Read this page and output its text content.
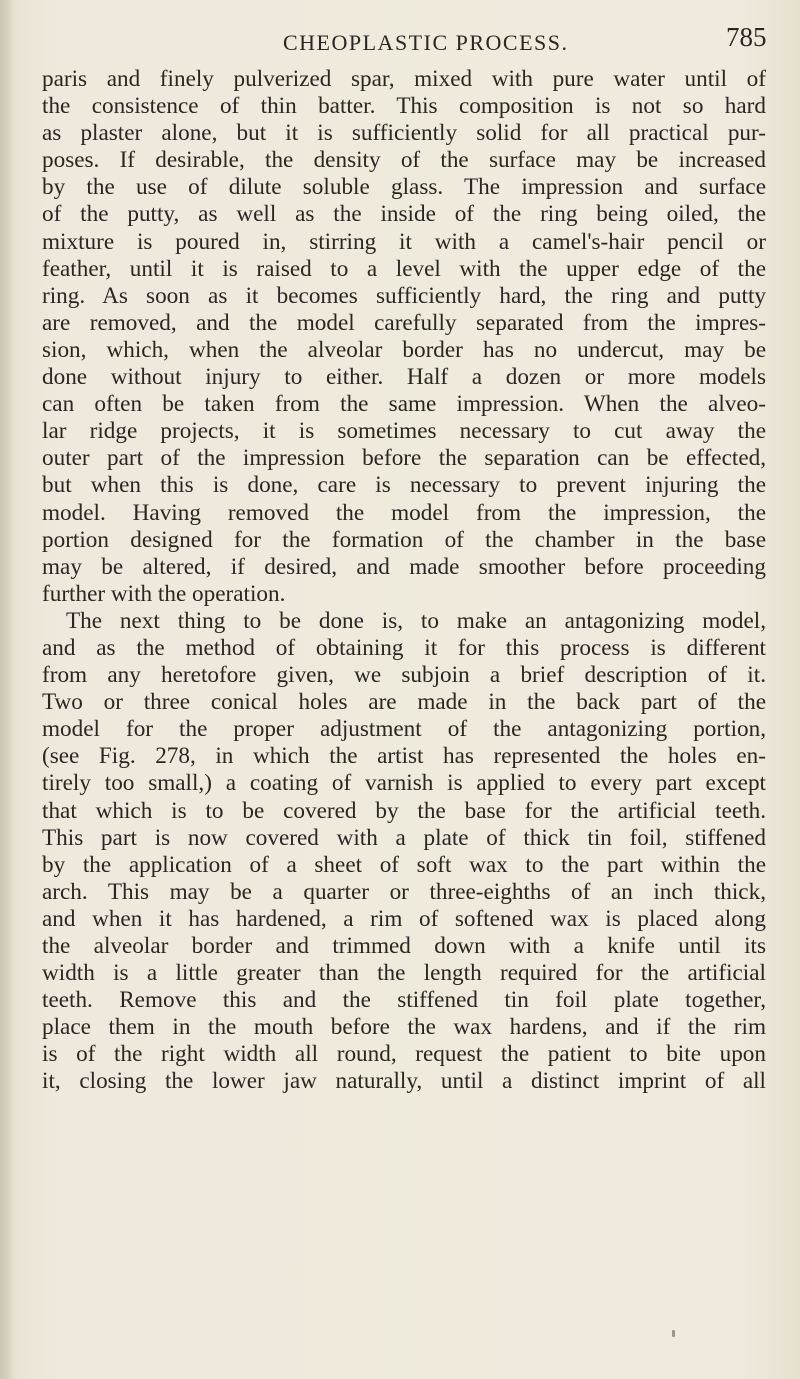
CHEOPLASTIC PROCESS.	785
paris and finely pulverized spar, mixed with pure water until of
the consistence of thin batter. This composition is not so hard
as plaster alone, but it is sufficiently solid for all practical pur-
poses. If desirable, the density of the surface may be increased
by the use of dilute soluble glass. The impression and surface
of the putty, as well as the inside of the ring being oiled, the
mixture is poured in, stirring it with a camel's-hair pencil or
feather, until it is raised to a level with the upper edge of the
ring. As soon as it becomes sufficiently hard, the ring and putty
are removed, and the model carefully separated from the impres-
sion, which, when the alveolar border has no undercut, may be
done without injury to either. Half a dozen or more models
can often be taken from the same impression. When the alveo-
lar ridge projects, it is sometimes necessary to cut away the
outer part of the impression before the separation can be effected,
but when this is done, care is necessary to prevent injuring the
model. Having removed the model from the impression, the
portion designed for the formation of the chamber in the base
may be altered, if desired, and made smoother before proceeding
further with the operation.
The next thing to be done is, to make an antagonizing model,
and as the method of obtaining it for this process is different
from any heretofore given, we subjoin a brief description of it.
Two or three conical holes are made in the back part of the
model for the proper adjustment of the antagonizing portion,
(see Fig. 278, in which the artist has represented the holes en-
tirely too small,) a coating of varnish is applied to every part except
that which is to be covered by the base for the artificial teeth.
This part is now covered with a plate of thick tin foil, stiffened
by the application of a sheet of soft wax to the part within the
arch. This may be a quarter or three-eighths of an inch thick,
and when it has hardened, a rim of softened wax is placed along
the alveolar border and trimmed down with a knife until its
width is a little greater than the length required for the artificial
teeth. Remove this and the stiffened tin foil plate together,
place them in the mouth before the wax hardens, and if the rim
is of the right width all round, request the patient to bite upon
it, closing the lower jaw naturally, until a distinct imprint of all
